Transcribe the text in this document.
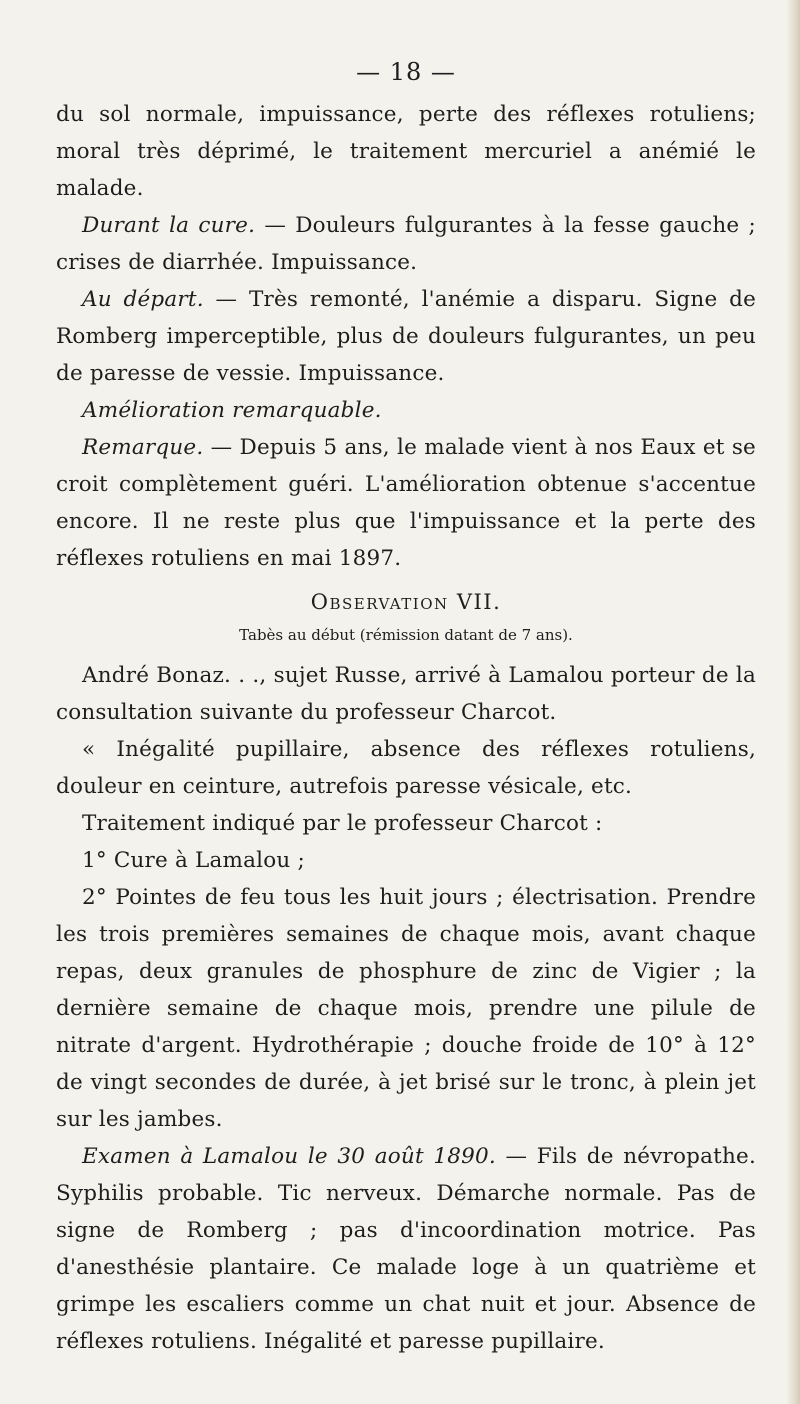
— 18 —

du sol normale, impuissance, perte des réflexes rotuliens; moral très déprimé, le traitement mercuriel a anémié le malade.

Durant la cure. — Douleurs fulgurantes à la fesse gauche ; crises de diarrhée. Impuissance.

Au départ. — Très remonté, l'anémie a disparu. Signe de Romberg imperceptible, plus de douleurs fulgurantes, un peu de paresse de vessie. Impuissance.

Amélioration remarquable.

Remarque. — Depuis 5 ans, le malade vient à nos Eaux et se croit complètement guéri. L'amélioration obtenue s'accentue encore. Il ne reste plus que l'impuissance et la perte des réflexes rotuliens en mai 1897.

Observation VII.
Tabès au début (rémission datant de 7 ans).

André Bonaz. . ., sujet Russe, arrivé à Lamalou porteur de la consultation suivante du professeur Charcot.

« Inégalité pupillaire, absence des réflexes rotuliens, douleur en ceinture, autrefois paresse vésicale, etc.

Traitement indiqué par le professeur Charcot :

1° Cure à Lamalou ;

2° Pointes de feu tous les huit jours ; électrisation. Prendre les trois premières semaines de chaque mois, avant chaque repas, deux granules de phosphure de zinc de Vigier ; la dernière semaine de chaque mois, prendre une pilule de nitrate d'argent. Hydrothérapie ; douche froide de 10° à 12° de vingt secondes de durée, à jet brisé sur le tronc, à plein jet sur les jambes.

Examen à Lamalou le 30 août 1890. — Fils de névropathe. Syphilis probable. Tic nerveux. Démarche normale. Pas de signe de Romberg ; pas d'incoordination motrice. Pas d'anesthésie plantaire. Ce malade loge à un quatrième et grimpe les escaliers comme un chat nuit et jour. Absence de réflexes rotuliens. Inégalité et paresse pupillaire.
